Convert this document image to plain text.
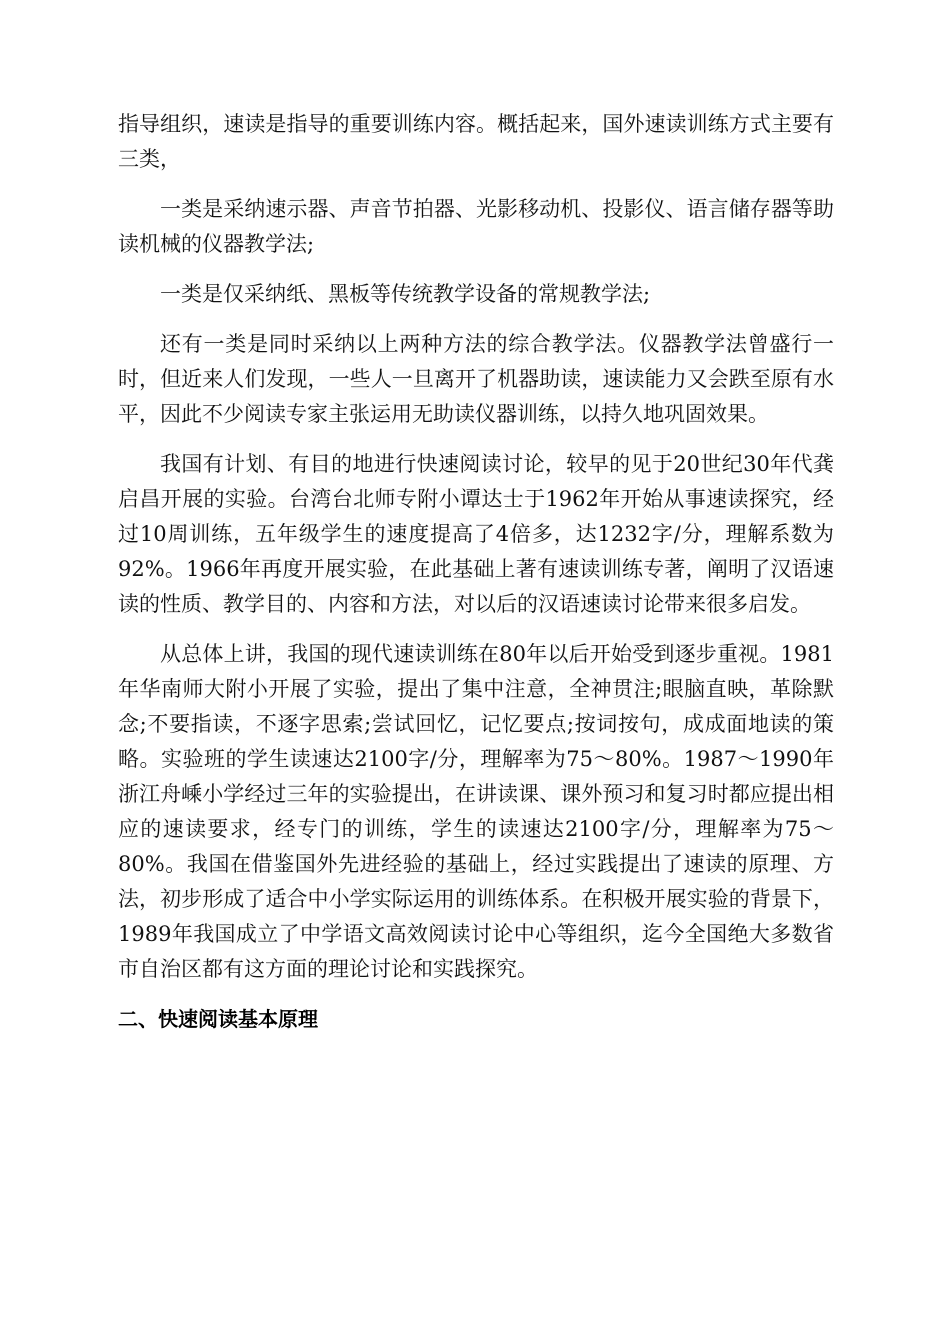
指导组织，速读是指导的重要训练内容。概括起来，国外速读训练方式主要有三类，

一类是采纳速示器、声音节拍器、光影移动机、投影仪、语言储存器等助读机械的仪器教学法;

一类是仅采纳纸、黑板等传统教学设备的常规教学法;

还有一类是同时采纳以上两种方法的综合教学法。仪器教学法曾盛行一时，但近来人们发现，一些人一旦离开了机器助读，速读能力又会跌至原有水平，因此不少阅读专家主张运用无助读仪器训练，以持久地巩固效果。

我国有计划、有目的地进行快速阅读讨论，较早的见于20世纪30年代龚启昌开展的实验。台湾台北师专附小谭达士于1962年开始从事速读探究，经过10周训练，五年级学生的速度提高了4倍多，达1232字/分，理解系数为92%。1966年再度开展实验，在此基础上著有速读训练专著，阐明了汉语速读的性质、教学目的、内容和方法，对以后的汉语速读讨论带来很多启发。

从总体上讲，我国的现代速读训练在80年以后开始受到逐步重视。1981年华南师大附小开展了实验，提出了集中注意，全神贯注;眼脑直映，革除默念;不要指读，不逐字思索;尝试回忆，记忆要点;按词按句，成成面地读的策略。实验班的学生读速达2100字/分，理解率为75～80%。1987～1990年浙江舟嵊小学经过三年的实验提出，在讲读课、课外预习和复习时都应提出相应的速读要求，经专门的训练，学生的读速达2100字/分，理解率为75～80%。我国在借鉴国外先进经验的基础上，经过实践提出了速读的原理、方法，初步形成了适合中小学实际运用的训练体系。在积极开展实验的背景下，1989年我国成立了中学语文高效阅读讨论中心等组织，迄今全国绝大多数省市自治区都有这方面的理论讨论和实践探究。

二、快速阅读基本原理
